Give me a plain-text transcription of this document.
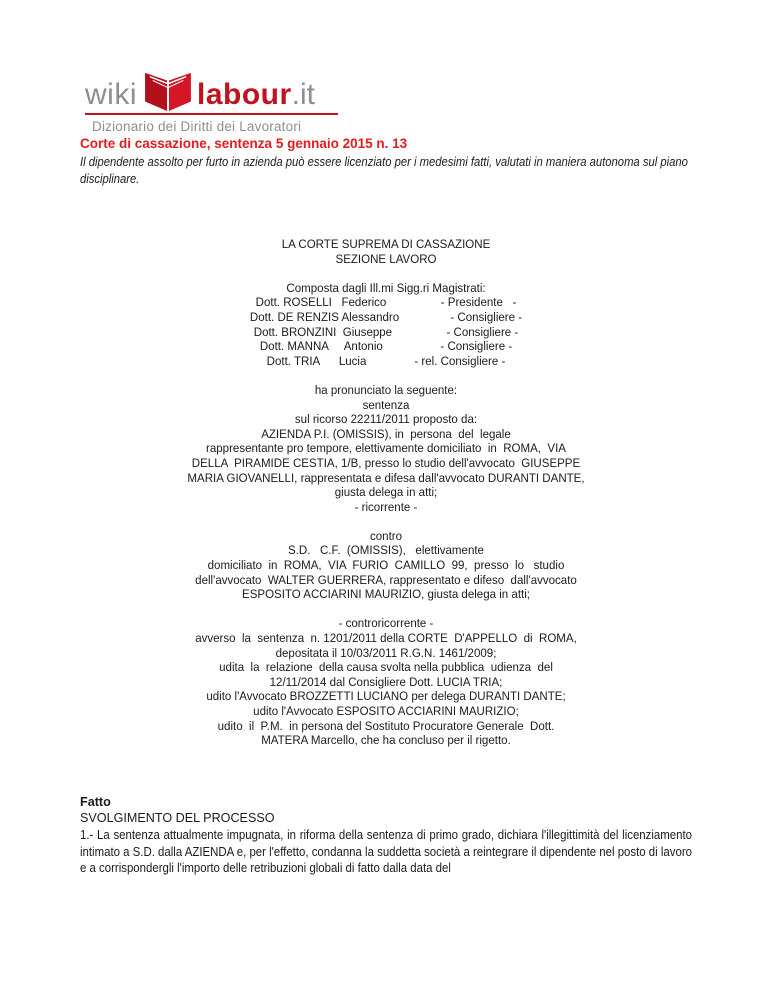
wiki labour .it
Dizionario dei Diritti dei Lavoratori
Corte di cassazione, sentenza 5 gennaio 2015 n. 13

Il dipendente assolto per furto in azienda può essere licenziato per i medesimi fatti, valutati in maniera autonoma sul piano disciplinare.

LA CORTE SUPREMA DI CASSAZIONE
SEZIONE LAVORO
Composta dagli Ill.mi Sigg.ri Magistrati:
Dott. ROSELLI   Federico                 - Presidente   -
Dott. DE RENZIS Alessandro                - Consigliere -
Dott. BRONZINI  Giuseppe                 - Consigliere -
Dott. MANNA     Antonio                  - Consigliere -
Dott. TRIA      Lucia               - rel. Consigliere -
ha pronunciato la seguente:
sentenza
sul ricorso 22211/2011 proposto da:
AZIENDA P.I. (OMISSIS), in  persona  del  legale
rappresentante pro tempore, elettivamente domiciliato  in  ROMA,  VIA
DELLA  PIRAMIDE CESTIA, 1/B, presso lo studio dell'avvocato  GIUSEPPE
MARIA GIOVANELLI, rappresentata e difesa dall'avvocato DURANTI DANTE,
giusta delega in atti;
- ricorrente -
contro
S.D.   C.F.  (OMISSIS),   elettivamente
domiciliato  in  ROMA,  VIA  FURIO  CAMILLO  99,  presso  lo   studio
dell'avvocato  WALTER GUERRERA, rappresentato e difeso  dall'avvocato
ESPOSITO ACCIARINI MAURIZIO, giusta delega in atti;
- controricorrente -
avverso  la  sentenza  n. 1201/2011 della CORTE  D'APPELLO  di  ROMA,
depositata il 10/03/2011 R.G.N. 1461/2009;
udita  la  relazione  della causa svolta nella pubblica  udienza  del
12/11/2014 dal Consigliere Dott. LUCIA TRIA;
udito l'Avvocato BROZZETTI LUCIANO per delega DURANTI DANTE;
udito l'Avvocato ESPOSITO ACCIARINI MAURIZIO;
udito  il  P.M.  in persona del Sostituto Procuratore Generale  Dott.
MATERA Marcello, che ha concluso per il rigetto.
Fatto
SVOLGIMENTO DEL PROCESSO

1.- La sentenza attualmente impugnata, in riforma della sentenza di primo grado, dichiara l'illegittimità del licenziamento intimato a S.D. dalla AZIENDA e, per l'effetto, condanna la suddetta società a reintegrare il dipendente nel posto di lavoro e a corrispondergli l'importo delle retribuzioni globali di fatto dalla data del
